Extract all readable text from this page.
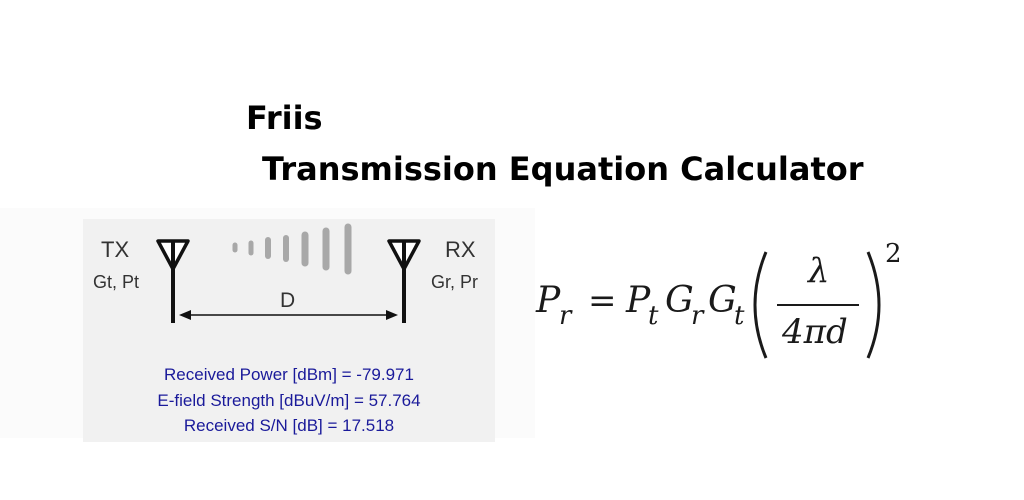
Friis
Transmission Equation Calculator
TX
Gt, Pt
RX
Gr, Pr
D
Received Power [dBm] = -79.971
E-field Strength [dBuV/m] = 57.764
Received S/N [dB] = 17.518
P
r = P
t G
r G
t
λ
4πd
2
